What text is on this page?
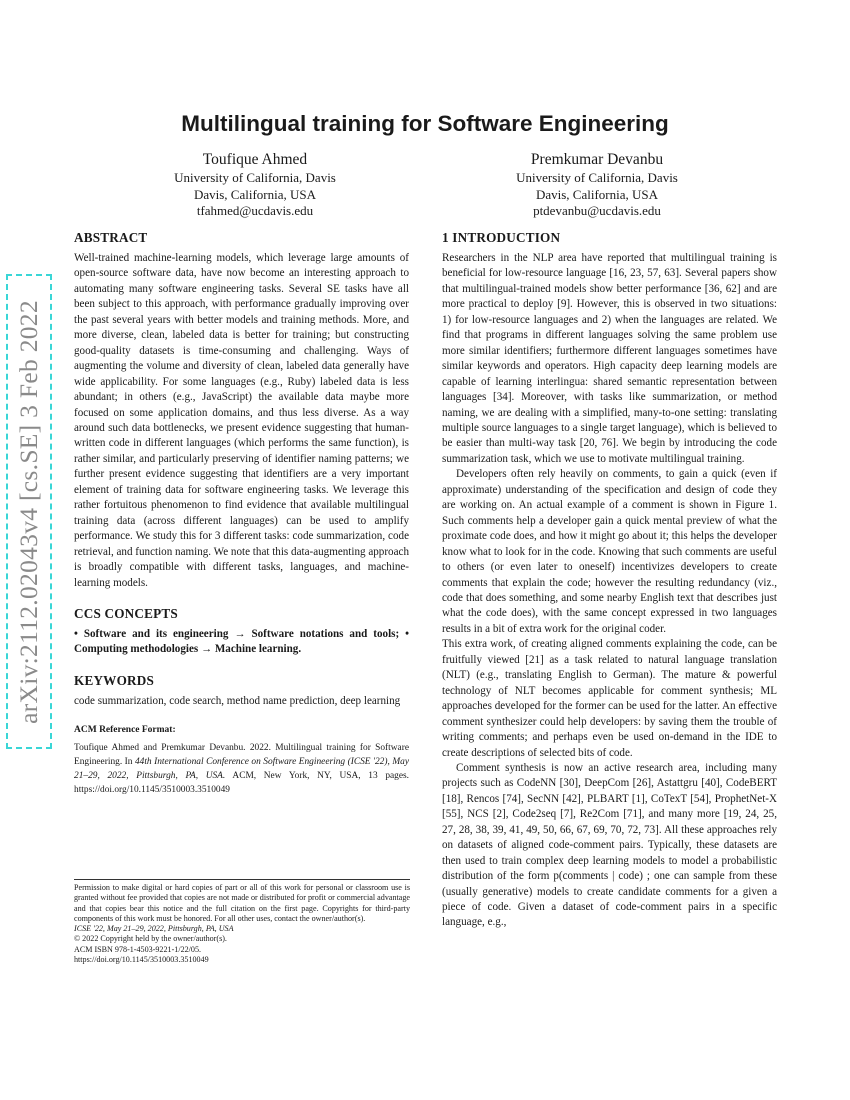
arXiv:2112.02043v4 [cs.SE] 3 Feb 2022
Multilingual training for Software Engineering
Toufique Ahmed
University of California, Davis
Davis, California, USA
tfahmed@ucdavis.edu
Premkumar Devanbu
University of California, Davis
Davis, California, USA
ptdevanbu@ucdavis.edu
ABSTRACT

Well-trained machine-learning models, which leverage large amounts of open-source software data, have now become an interesting approach to automating many software engineering tasks. Several SE tasks have all been subject to this approach, with performance gradually improving over the past several years with better models and training methods. More, and more diverse, clean, labeled data is better for training; but constructing good-quality datasets is time-consuming and challenging. Ways of augmenting the volume and diversity of clean, labeled data generally have wide applicability. For some languages (e.g., Ruby) labeled data is less abundant; in others (e.g., JavaScript) the available data maybe more focused on some application domains, and thus less diverse. As a way around such data bottlenecks, we present evidence suggesting that human-written code in different languages (which performs the same function), is rather similar, and particularly preserving of identifier naming patterns; we further present evidence suggesting that identifiers are a very important element of training data for software engineering tasks. We leverage this rather fortuitous phenomenon to find evidence that available multilingual training data (across different languages) can be used to amplify performance. We study this for 3 different tasks: code summarization, code retrieval, and function naming. We note that this data-augmenting approach is broadly compatible with different tasks, languages, and machine-learning models.

CCS CONCEPTS

• Software and its engineering → Software notations and tools; • Computing methodologies → Machine learning.

KEYWORDS

code summarization, code search, method name prediction, deep learning

ACM Reference Format:

Toufique Ahmed and Premkumar Devanbu. 2022. Multilingual training for Software Engineering. In 44th International Conference on Software Engineering (ICSE '22), May 21–29, 2022, Pittsburgh, PA, USA. ACM, New York, NY, USA, 13 pages. https://doi.org/10.1145/3510003.3510049

Permission to make digital or hard copies of part or all of this work for personal or classroom use is granted without fee provided that copies are not made or distributed for profit or commercial advantage and that copies bear this notice and the full citation on the first page. Copyrights for third-party components of this work must be honored. For all other uses, contact the owner/author(s).

ICSE '22, May 21–29, 2022, Pittsburgh, PA, USA

© 2022 Copyright held by the owner/author(s).

ACM ISBN 978-1-4503-9221-1/22/05.

https://doi.org/10.1145/3510003.3510049

1 INTRODUCTION

Researchers in the NLP area have reported that multilingual training is beneficial for low-resource language [16, 23, 57, 63]. Several papers show that multilingual-trained models show better performance [36, 62] and are more practical to deploy [9]. However, this is observed in two situations: 1) for low-resource languages and 2) when the languages are related. We find that programs in different languages solving the same problem use more similar identifiers; furthermore different languages sometimes have similar keywords and operators. High capacity deep learning models are capable of learning interlingua: shared semantic representation between languages [34]. Moreover, with tasks like summarization, or method naming, we are dealing with a simplified, many-to-one setting: translating multiple source languages to a single target language), which is believed to be easier than multi-way task [20, 76]. We begin by introducing the code summarization task, which we use to motivate multilingual training.

Developers often rely heavily on comments, to gain a quick (even if approximate) understanding of the specification and design of code they are working on. An actual example of a comment is shown in Figure 1. Such comments help a developer gain a quick mental preview of what the proximate code does, and how it might go about it; this helps the developer know what to look for in the code. Knowing that such comments are useful to others (or even later to oneself) incentivizes developers to create comments that explain the code; however the resulting redundancy (viz., code that does something, and some nearby English text that describes just what the code does), with the same concept expressed in two languages results in a bit of extra work for the original coder.

This extra work, of creating aligned comments explaining the code, can be fruitfully viewed [21] as a task related to natural language translation (NLT) (e.g., translating English to German). The mature & powerful technology of NLT becomes applicable for comment synthesis; ML approaches developed for the former can be used for the latter. An effective comment synthesizer could help developers: by saving them the trouble of writing comments; and perhaps even be used on-demand in the IDE to create descriptions of selected bits of code.

Comment synthesis is now an active research area, including many projects such as CodeNN [30], DeepCom [26], Astattgru [40], CodeBERT [18], Rencos [74], SecNN [42], PLBART [1], CoTexT [54], ProphetNet-X [55], NCS [2], Code2seq [7], Re2Com [71], and many more [19, 24, 25, 27, 28, 38, 39, 41, 49, 50, 66, 67, 69, 70, 72, 73]. All these approaches rely on datasets of aligned code-comment pairs. Typically, these datasets are then used to train complex deep learning models to model a probabilistic distribution of the form p(comments | code) ; one can sample from these (usually generative) models to create candidate comments for a given a piece of code. Given a dataset of code-comment pairs in a specific language, e.g.,
